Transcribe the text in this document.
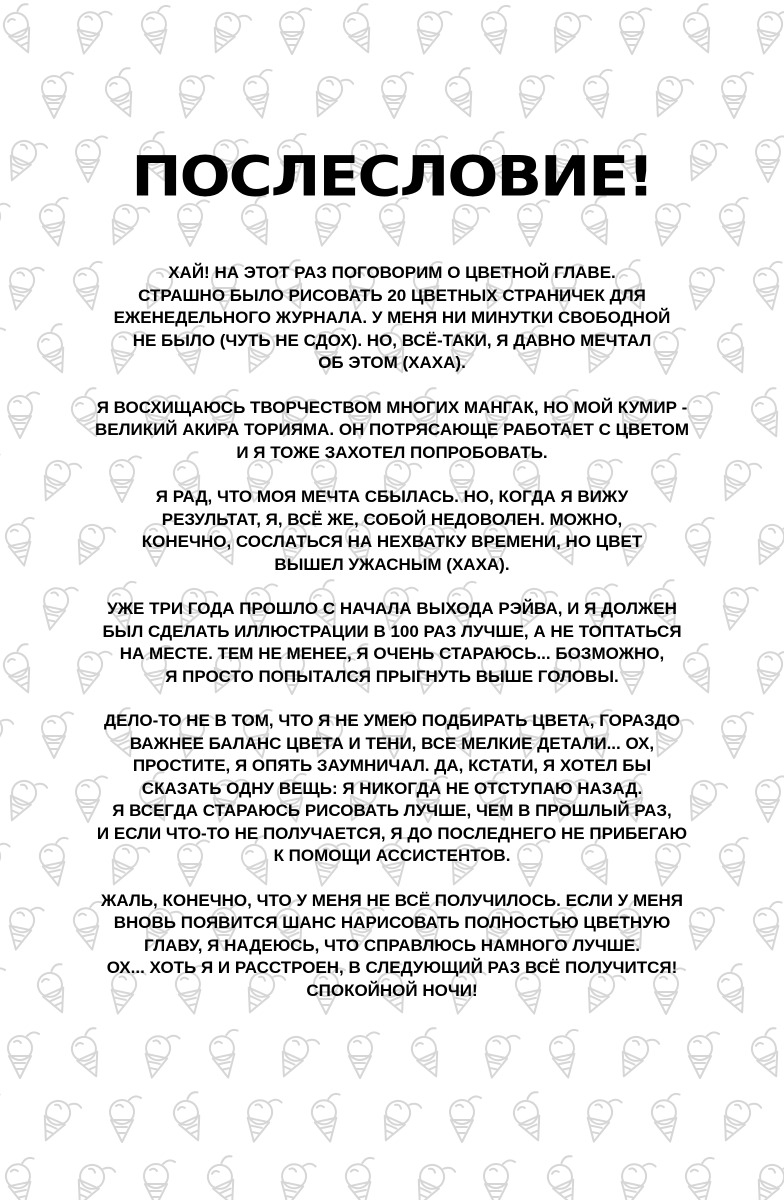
ПОСЛЕСЛОВИЕ!
ХАЙ! НА ЭТОТ РАЗ ПОГОВОРИМ О ЦВЕТНОЙ ГЛАВЕ.
СТРАШНО БЫЛО РИСОВАТЬ 20 ЦВЕТНЫХ СТРАНИЧЕК ДЛЯ
ЕЖЕНЕДЕЛЬНОГО ЖУРНАЛА. У МЕНЯ НИ МИНУТКИ СВОБОДНОЙ
НЕ БЫЛО (ЧУТЬ НЕ СДОХ). НО, ВСЁ-ТАКИ, Я ДАВНО МЕЧТАЛ
ОБ ЭТОМ (ХАХА).
Я ВОСХИЩАЮСЬ ТВОРЧЕСТВОМ МНОГИХ МАНГАК, НО МОЙ КУМИР -
ВЕЛИКИЙ АКИРА ТОРИЯМА. ОН ПОТРЯСАЮЩЕ РАБОТАЕТ С ЦВЕТОМ
И Я ТОЖЕ ЗАХОТЕЛ ПОПРОБОВАТЬ.
Я РАД, ЧТО МОЯ МЕЧТА СБЫЛАСЬ. НО, КОГДА Я ВИЖУ
РЕЗУЛЬТАТ, Я, ВСЁ ЖЕ, СОБОЙ НЕДОВОЛЕН. МОЖНО,
КОНЕЧНО, СОСЛАТЬСЯ НА НЕХВАТКУ ВРЕМЕНИ, НО ЦВЕТ
ВЫШЕЛ УЖАСНЫМ (ХАХА).
УЖЕ ТРИ ГОДА ПРОШЛО С НАЧАЛА ВЫХОДА РЭЙВА, И Я ДОЛЖЕН
БЫЛ СДЕЛАТЬ ИЛЛЮСТРАЦИИ В 100 РАЗ ЛУЧШЕ, А НЕ ТОПТАТЬСЯ
НА МЕСТЕ. ТЕМ НЕ МЕНЕЕ, Я ОЧЕНЬ СТАРАЮСЬ... БОЗМОЖНО,
Я ПРОСТО ПОПЫТАЛСЯ ПРЫГНУТЬ ВЫШЕ ГОЛОВЫ.
ДЕЛО-ТО НЕ В ТОМ, ЧТО Я НЕ УМЕЮ ПОДБИРАТЬ ЦВЕТА, ГОРАЗДО
ВАЖНЕЕ БАЛАНС ЦВЕТА И ТЕНИ, ВСЕ МЕЛКИЕ ДЕТАЛИ... ОХ,
ПРОСТИТЕ, Я ОПЯТЬ ЗАУМНИЧАЛ. ДА, КСТАТИ, Я ХОТЕЛ БЫ
СКАЗАТЬ ОДНУ ВЕЩЬ: Я НИКОГДА НЕ ОТСТУПАЮ НАЗАД.
Я ВСЕГДА СТАРАЮСЬ РИСОВАТЬ ЛУЧШЕ, ЧЕМ В ПРОШЛЫЙ РАЗ,
И ЕСЛИ ЧТО-ТО НЕ ПОЛУЧАЕТСЯ, Я ДО ПОСЛЕДНЕГО НЕ ПРИБЕГАЮ
К ПОМОЩИ АССИСТЕНТОВ.
ЖАЛЬ, КОНЕЧНО, ЧТО У МЕНЯ НЕ ВСЁ ПОЛУЧИЛОСЬ. ЕСЛИ У МЕНЯ
ВНОВЬ ПОЯВИТСЯ ШАНС НАРИСОВАТЬ ПОЛНОСТЬЮ ЦВЕТНУЮ
ГЛАВУ, Я НАДЕЮСЬ, ЧТО СПРАВЛЮСЬ НАМНОГО ЛУЧШЕ.
ОХ... ХОТЬ Я И РАССТРОЕН, В СЛЕДУЮЩИЙ РАЗ ВСЁ ПОЛУЧИТСЯ!
СПОКОЙНОЙ НОЧИ!
